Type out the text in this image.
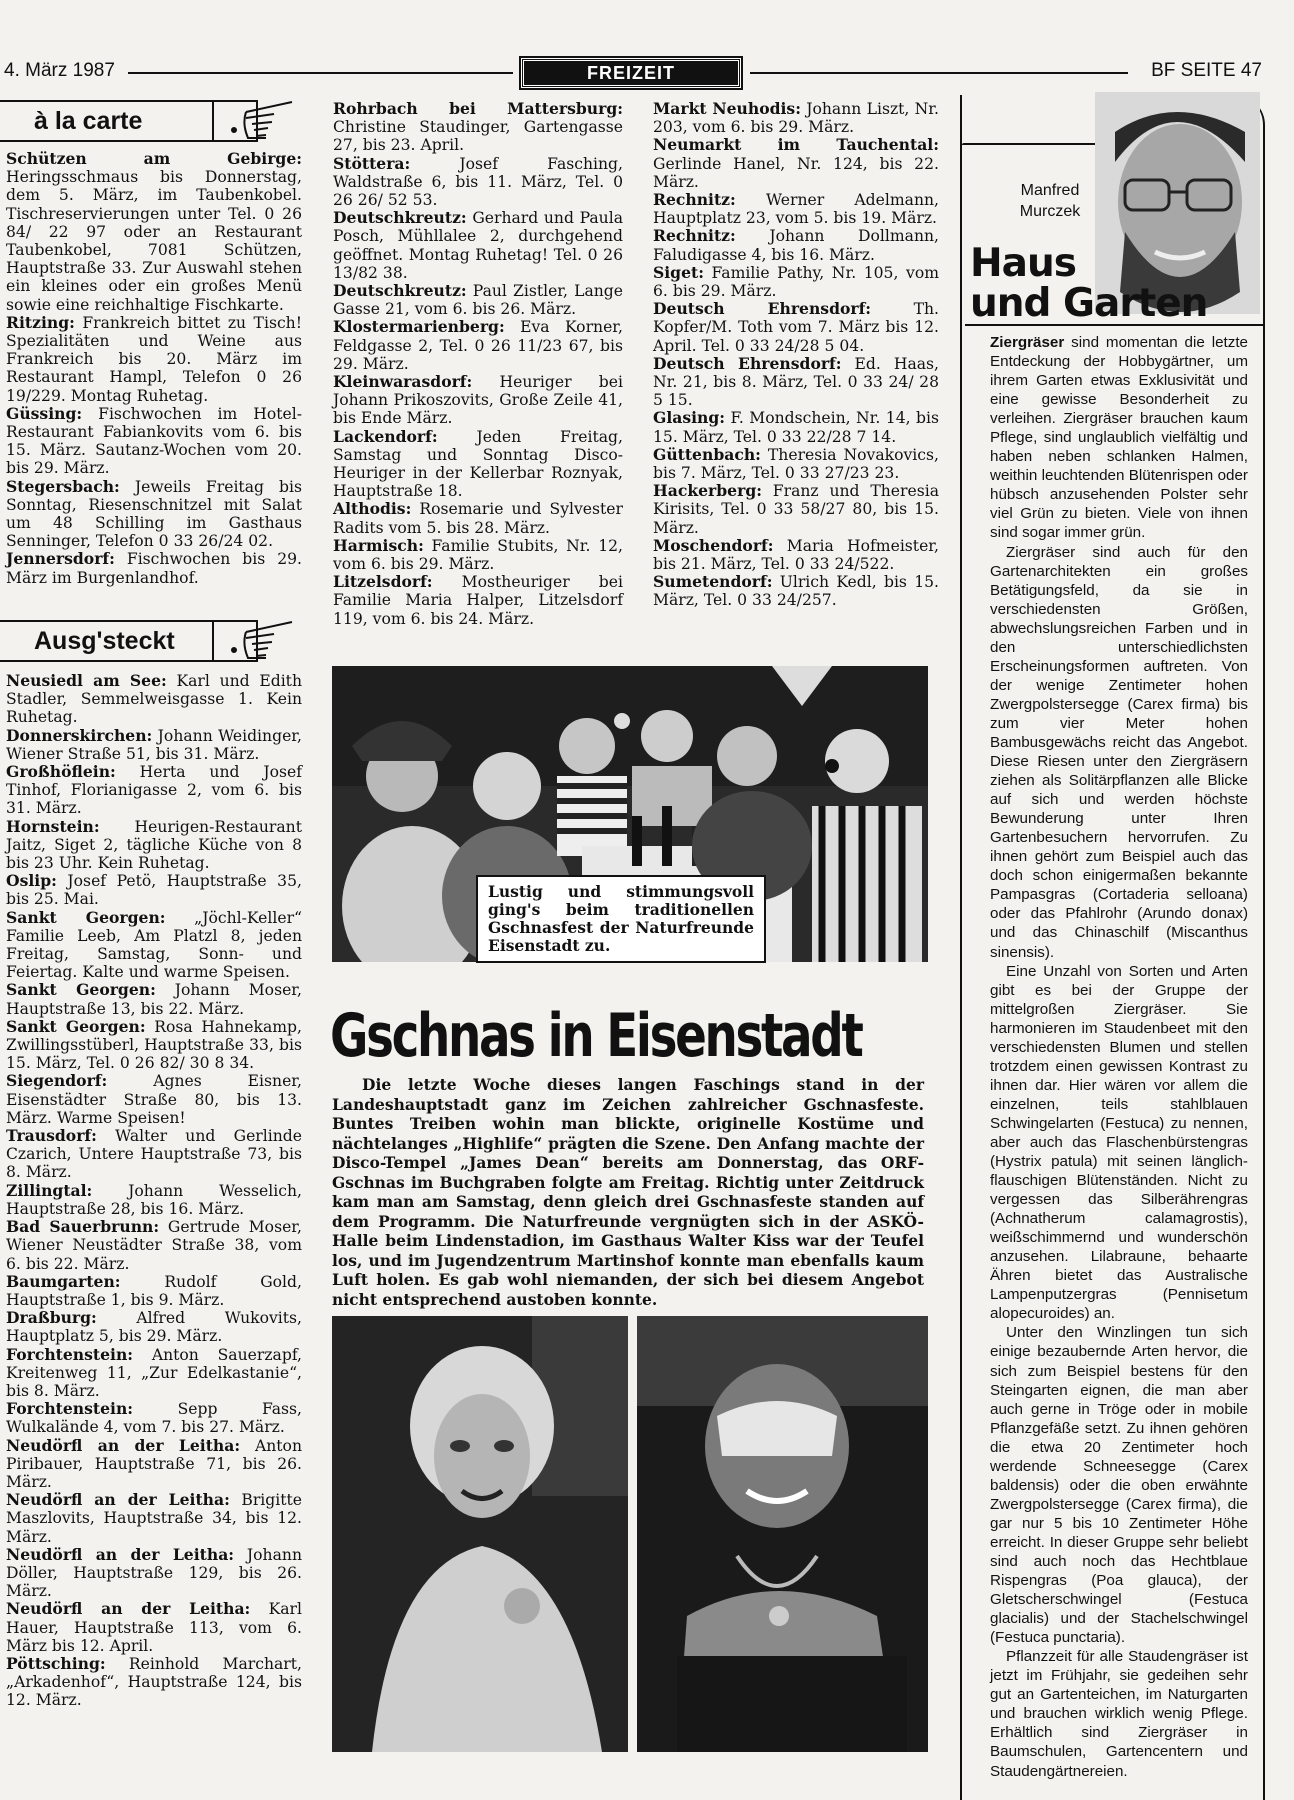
4. März 1987	FREIZEIT	BF SEITE 47
à la carte

Schützen am Gebirge: Heringsschmaus bis Donnerstag, dem 5. März, im Taubenkobel. Tischreservierungen unter Tel. 0 26 84/ 22 97 oder an Restaurant Taubenkobel, 7081 Schützen, Hauptstraße 33. Zur Auswahl stehen ein kleines oder ein großes Menü sowie eine reichhaltige Fischkarte.

Ritzing: Frankreich bittet zu Tisch! Spezialitäten und Weine aus Frankreich bis 20. März im Restaurant Hampl, Telefon 0 26 19/229. Montag Ruhetag.

Güssing: Fischwochen im Hotel-Restaurant Fabiankovits vom 6. bis 15. März. Sautanz-Wochen vom 20. bis 29. März.

Stegersbach: Jeweils Freitag bis Sonntag, Riesenschnitzel mit Salat um 48 Schilling im Gasthaus Senninger, Telefon 0 33 26/24 02.

Jennersdorf: Fischwochen bis 29. März im Burgenlandhof.

Ausg'steckt

Neusiedl am See: Karl und Edith Stadler, Semmelweisgasse 1. Kein Ruhetag.

Donnerskirchen: Johann Weidinger, Wiener Straße 51, bis 31. März.

Großhöflein: Herta und Josef Tinhof, Florianigasse 2, vom 6. bis 31. März.

Hornstein: Heurigen-Restaurant Jaitz, Siget 2, tägliche Küche von 8 bis 23 Uhr. Kein Ruhetag.

Oslip: Josef Petö, Hauptstraße 35, bis 25. Mai.

Sankt Georgen: „Jöchl-Keller“ Familie Leeb, Am Platzl 8, jeden Freitag, Samstag, Sonn- und Feiertag. Kalte und warme Speisen.

Sankt Georgen: Johann Moser, Hauptstraße 13, bis 22. März.

Sankt Georgen: Rosa Hahnekamp, Zwillingsstüberl, Hauptstraße 33, bis 15. März, Tel. 0 26 82/ 30 8 34.

Siegendorf: Agnes Eisner, Eisenstädter Straße 80, bis 13. März. Warme Speisen!

Trausdorf: Walter und Gerlinde Czarich, Untere Hauptstraße 73, bis 8. März.

Zillingtal: Johann Wesselich, Hauptstraße 28, bis 16. März.

Bad Sauerbrunn: Gertrude Moser, Wiener Neustädter Straße 38, vom 6. bis 22. März.

Baumgarten: Rudolf Gold, Hauptstraße 1, bis 9. März.

Draßburg: Alfred Wukovits, Hauptplatz 5, bis 29. März.

Forchtenstein: Anton Sauerzapf, Kreitenweg 11, „Zur Edelkastanie“, bis 8. März.

Forchtenstein: Sepp Fass, Wulkalände 4, vom 7. bis 27. März.

Neudörfl an der Leitha: Anton Piribauer, Hauptstraße 71, bis 26. März.

Neudörfl an der Leitha: Brigitte Maszlovits, Hauptstraße 34, bis 12. März.

Neudörfl an der Leitha: Johann Döller, Hauptstraße 129, bis 26. März.

Neudörfl an der Leitha: Karl Hauer, Hauptstraße 113, vom 6. März bis 12. April.

Pöttsching: Reinhold Marchart, „Arkadenhof“, Hauptstraße 124, bis 12. März.

Rohrbach bei Mattersburg: Christine Staudinger, Gartengasse 27, bis 23. April.

Stöttera: Josef Fasching, Waldstraße 6, bis 11. März, Tel. 0 26 26/ 52 53.

Deutschkreutz: Gerhard und Paula Posch, Mühllalee 2, durchgehend geöffnet. Montag Ruhetag! Tel. 0 26 13/82 38.

Deutschkreutz: Paul Zistler, Lange Gasse 21, vom 6. bis 26. März.

Klostermarienberg: Eva Korner, Feldgasse 2, Tel. 0 26 11/23 67, bis 29. März.

Kleinwarasdorf: Heuriger bei Johann Prikoszovits, Große Zeile 41, bis Ende März.

Lackendorf: Jeden Freitag, Samstag und Sonntag Disco-Heuriger in der Kellerbar Roznyak, Hauptstraße 18.

Althodis: Rosemarie und Sylvester Radits vom 5. bis 28. März.

Harmisch: Familie Stubits, Nr. 12, vom 6. bis 29. März.

Litzelsdorf: Mostheuriger bei Familie Maria Halper, Litzelsdorf 119, vom 6. bis 24. März.

Markt Neuhodis: Johann Liszt, Nr. 203, vom 6. bis 29. März.

Neumarkt im Tauchental: Gerlinde Hanel, Nr. 124, bis 22. März.

Rechnitz: Werner Adelmann, Hauptplatz 23, vom 5. bis 19. März.

Rechnitz: Johann Dollmann, Faludigasse 4, bis 16. März.

Siget: Familie Pathy, Nr. 105, vom 6. bis 29. März.

Deutsch Ehrensdorf: Th. Kopfer/M. Toth vom 7. März bis 12. April. Tel. 0 33 24/28 5 04.

Deutsch Ehrensdorf: Ed. Haas, Nr. 21, bis 8. März, Tel. 0 33 24/ 28 5 15.

Glasing: F. Mondschein, Nr. 14, bis 15. März, Tel. 0 33 22/28 7 14.

Güttenbach: Theresia Novakovics, bis 7. März, Tel. 0 33 27/23 23.

Hackerberg: Franz und Theresia Kirisits, Tel. 0 33 58/27 80, bis 15. März.

Moschendorf: Maria Hofmeister, bis 21. März, Tel. 0 33 24/522.

Sumetendorf: Ulrich Kedl, bis 15. März, Tel. 0 33 24/257.

Lustig und stimmungsvoll ging's beim traditionellen Gschnasfest der Naturfreunde Eisenstadt zu.
Gschnas in Eisenstadt
Die letzte Woche dieses langen Faschings stand in der Landeshauptstadt ganz im Zeichen zahlreicher Gschnasfeste. Buntes Treiben wohin man blickte, originelle Kostüme und nächtelanges „Highlife“ prägten die Szene. Den Anfang machte der Disco-Tempel „James Dean“ bereits am Donnerstag, das ORF-Gschnas im Buchgraben folgte am Freitag. Richtig unter Zeitdruck kam man am Samstag, denn gleich drei Gschnasfeste standen auf dem Programm. Die Naturfreunde vergnügten sich in der ASKÖ-Halle beim Lindenstadion, im Gasthaus Walter Kiss war der Teufel los, und im Jugendzentrum Martinshof konnte man ebenfalls kaum Luft holen. Es gab wohl niemanden, der sich bei diesem Angebot nicht entsprechend austoben konnte.
Manfred
Murczek
Haus
und Garten

Ziergräser sind momentan die letzte Entdeckung der Hobbygärtner, um ihrem Garten etwas Exklusivität und eine gewisse Besonderheit zu verleihen. Ziergräser brauchen kaum Pflege, sind unglaublich vielfältig und haben neben schlanken Halmen, weithin leuchtenden Blütenrispen oder hübsch anzusehenden Polster sehr viel Grün zu bieten. Viele von ihnen sind sogar immer grün.

Ziergräser sind auch für den Gartenarchitekten ein großes Betätigungsfeld, da sie in verschiedensten Größen, abwechslungsreichen Farben und in den unterschiedlichsten Erscheinungsformen auftreten. Von der wenige Zentimeter hohen Zwergpolstersegge (Carex firma) bis zum vier Meter hohen Bambusgewächs reicht das Angebot. Diese Riesen unter den Ziergräsern ziehen als Solitärpflanzen alle Blicke auf sich und werden höchste Bewunderung unter Ihren Gartenbesuchern hervorrufen. Zu ihnen gehört zum Beispiel auch das doch schon einigermaßen bekannte Pampasgras (Cortaderia selloana) oder das Pfahlrohr (Arundo donax) und das Chinaschilf (Miscanthus sinensis).

Eine Unzahl von Sorten und Arten gibt es bei der Gruppe der mittelgroßen Ziergräser. Sie harmonieren im Staudenbeet mit den verschiedensten Blumen und stellen trotzdem einen gewissen Kontrast zu ihnen dar. Hier wären vor allem die einzelnen, teils stahlblauen Schwingelarten (Festuca) zu nennen, aber auch das Flaschenbürstengras (Hystrix patula) mit seinen länglich-flauschigen Blütenständen. Nicht zu vergessen das Silberährengras (Achnatherum calamagrostis), weißschimmernd und wunderschön anzusehen. Lilabraune, behaarte Ähren bietet das Australische Lampenputzergras (Pennisetum alopecuroides) an.

Unter den Winzlingen tun sich einige bezaubernde Arten hervor, die sich zum Beispiel bestens für den Steingarten eignen, die man aber auch gerne in Tröge oder in mobile Pflanzgefäße setzt. Zu ihnen gehören die etwa 20 Zentimeter hoch werdende Schneesegge (Carex baldensis) oder die oben erwähnte Zwergpolstersegge (Carex firma), die gar nur 5 bis 10 Zentimeter Höhe erreicht. In dieser Gruppe sehr beliebt sind auch noch das Hechtblaue Rispengras (Poa glauca), der Gletscherschwingel (Festuca glacialis) und der Stachelschwingel (Festuca punctaria).

Pflanzzeit für alle Staudengräser ist jetzt im Frühjahr, sie gedeihen sehr gut an Gartenteichen, im Naturgarten und brauchen wirklich wenig Pflege. Erhältlich sind Ziergräser in Baumschulen, Gartencentern und Staudengärtnereien.
